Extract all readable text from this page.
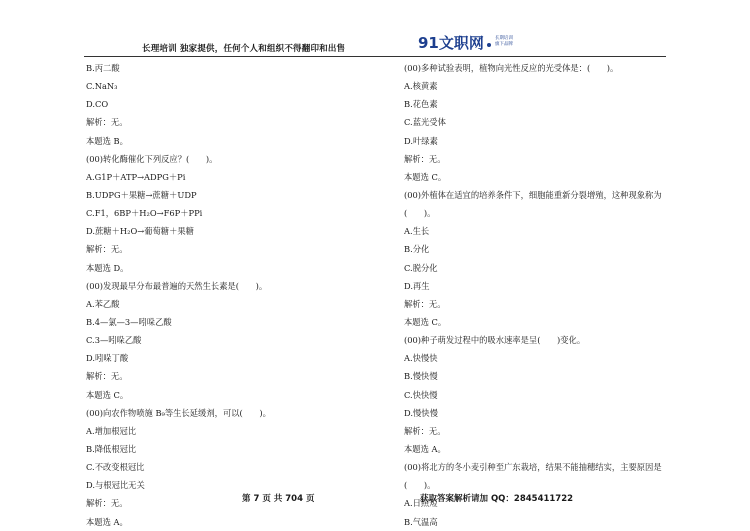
长理培训 独家提供，任何个人和组织不得翻印和出售	91文职网 长期培训
旗下品牌
B.丙二酸
C.NaN₃
D.CO
解析：无。
本题选 B。
(00)转化酶催化下列反应？(　　)。
A.G1P＋ATP→ADPG＋Pi
B.UDPG＋果糖→蔗糖＋UDP
C.F1，6BP＋H₂O→F6P＋PPi
D.蔗糖＋H₂O→葡萄糖＋果糖
解析：无。
本题选 D。
(00)发现最早分布最普遍的天然生长素是(　　)。
A.苯乙酸
B.4—氯—3—吲哚乙酸
C.3—吲哚乙酸
D.吲哚丁酸
解析：无。
本题选 C。
(00)向农作物喷施 B₉等生长延缓剂，可以(　　)。
A.增加根冠比
B.降低根冠比
C.不改变根冠比
D.与根冠比无关
解析：无。
本题选 A。
(00)多种试验表明，植物向光性反应的光受体是：(　　)。
A.核黄素
B.花色素
C.蓝光受体
D.叶绿素
解析：无。
本题选 C。
(00)外植体在适宜的培养条件下，细胞能重新分裂增殖，这种现象称为
(　　)。
A.生长
B.分化
C.脱分化
D.再生
解析：无。
本题选 C。
(00)种子萌发过程中的吸水速率是呈(　　)变化。
A.快慢快
B.慢快慢
C.快快慢
D.慢快慢
解析：无。
本题选 A。
(00)将北方的冬小麦引种至广东栽培，结果不能抽穗结实，主要原因是
(　　)。
A.日照短
B.气温高
第 7 页 共 704 页	获取答案解析请加 QQ：2845411722
